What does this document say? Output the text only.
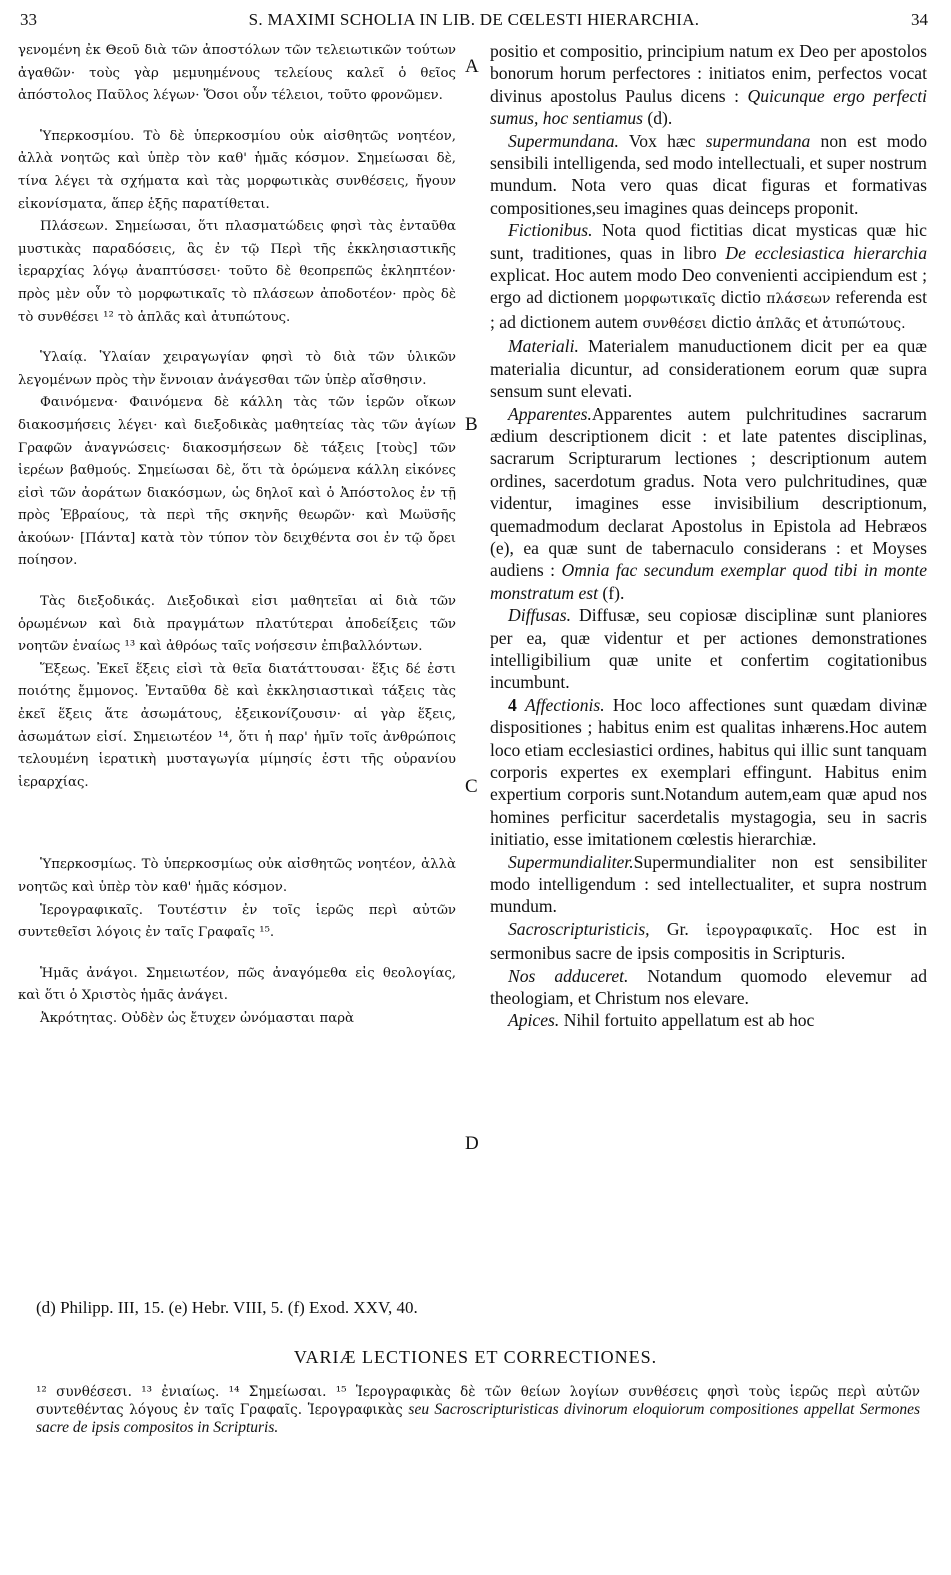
33	S. MAXIMI SCHOLIA IN LIB. DE CŒLESTI HIERARCHIA.	34
A
B
C
D

γενομένη ἐκ Θεοῦ διὰ τῶν ἀποστόλων τῶν τελειωτικῶν τούτων ἀγαθῶν· τοὺς γὰρ μεμυημένους τελείους καλεῖ ὁ θεῖος ἀπόστολος Παῦλος λέγων· Ὅσοι οὖν τέλειοι, τοῦτο φρονῶμεν.

Ὑπερκοσμίου. Τὸ δὲ ὑπερκοσμίου οὐκ αἰσθητῶς νοητέον, ἀλλὰ νοητῶς καὶ ὑπὲρ τὸν καθ' ἡμᾶς κόσμον. Σημείωσαι δὲ, τίνα λέγει τὰ σχήματα καὶ τὰς μορφωτικὰς συνθέσεις, ἤγουν εἰκονίσματα, ἅπερ ἑξῆς παρατίθεται.

Πλάσεων. Σημείωσαι, ὅτι πλασματώδεις φησὶ τὰς ἐνταῦθα μυστικὰς παραδόσεις, ἃς ἐν τῷ Περὶ τῆς ἐκκλησιαστικῆς ἱεραρχίας λόγῳ ἀναπτύσσει· τοῦτο δὲ θεοπρεπῶς ἐκληπτέον· πρὸς μὲν οὖν τὸ μορφωτικαῖς τὸ πλάσεων ἀποδοτέον· πρὸς δὲ τὸ συνθέσει ¹² τὸ ἁπλᾶς καὶ ἀτυπώτους.

Ὑλαίᾳ. Ὑλαίαν χειραγωγίαν φησὶ τὸ διὰ τῶν ὑλικῶν λεγομένων πρὸς τὴν ἔννοιαν ἀνάγεσθαι τῶν ὑπὲρ αἴσθησιν.

Φαινόμενα· Φαινόμενα δὲ κάλλη τὰς τῶν ἱερῶν οἴκων διακοσμήσεις λέγει· καὶ διεξοδικὰς μαθητείας τὰς τῶν ἁγίων Γραφῶν ἀναγνώσεις· διακοσμήσεων δὲ τάξεις [τοὺς] τῶν ἱερέων βαθμούς. Σημείωσαι δὲ, ὅτι τὰ ὁρώμενα κάλλη εἰκόνες εἰσὶ τῶν ἀοράτων διακόσμων, ὡς δηλοῖ καὶ ὁ Ἀπόστολος ἐν τῇ πρὸς Ἑβραίους, τὰ περὶ τῆς σκηνῆς θεωρῶν· καὶ Μωϋσῆς ἀκούων· [Πάντα] κατὰ τὸν τύπον τὸν δειχθέντα σοι ἐν τῷ ὄρει ποίησον.

Τὰς διεξοδικάς. Διεξοδικαὶ εἰσι μαθητεῖαι αἱ διὰ τῶν ὁρωμένων καὶ διὰ πραγμάτων πλατύτεραι ἀποδείξεις τῶν νοητῶν ἑναίως ¹³ καὶ ἀθρόως ταῖς νοήσεσιν ἐπιβαλλόντων.

Ἕξεως. Ἐκεῖ ἕξεις εἰσὶ τὰ θεῖα διατάττουσαι· ἕξις δέ ἐστι ποιότης ἔμμονος. Ἐνταῦθα δὲ καὶ ἐκκλησιαστικαὶ τάξεις τὰς ἐκεῖ ἕξεις ἅτε ἀσωμάτους, ἐξεικονίζουσιν· αἱ γὰρ ἕξεις, ἀσωμάτων εἰσί. Σημειωτέον ¹⁴, ὅτι ἡ παρ' ἡμῖν τοῖς ἀνθρώποις τελουμένη ἱερατικὴ μυσταγωγία μίμησίς ἐστι τῆς οὐρανίου ἱεραρχίας.

Ὑπερκοσμίως. Τὸ ὑπερκοσμίως οὐκ αἰσθητῶς νοητέον, ἀλλὰ νοητῶς καὶ ὑπὲρ τὸν καθ' ἡμᾶς κόσμον.

Ἱερογραφικαῖς. Τουτέστιν ἐν τοῖς ἱερῶς περὶ αὐτῶν συντεθεῖσι λόγοις ἐν ταῖς Γραφαῖς ¹⁵.

Ἡμᾶς ἀνάγοι. Σημειωτέον, πῶς ἀναγόμεθα εἰς θεολογίας, καὶ ὅτι ὁ Χριστὸς ἡμᾶς ἀνάγει.

Ἀκρότητας. Οὐδὲν ὡς ἔτυχεν ὠνόμασται παρὰ

positio et compositio, principium natum ex Deo per apostolos bonorum horum perfectores : initiatos enim, perfectos vocat divinus apostolus Paulus dicens : Quicunque ergo perfecti sumus, hoc sentiamus (d).

Supermundana. Vox hæc supermundana non est modo sensibili intelligenda, sed modo intellectuali, et super nostrum mundum. Nota vero quas dicat figuras et formativas compositiones,seu imagines quas deinceps proponit.

Fictionibus. Nota quod fictitias dicat mysticas quæ hic sunt, traditiones, quas in libro De ecclesiastica hierarchia explicat. Hoc autem modo Deo convenienti accipiendum est ; ergo ad dictionem μορφωτικαῖς dictio πλάσεων referenda est ; ad dictionem autem συνθέσει dictio ἁπλᾶς et ἀτυπώτους.

Materiali. Materialem manuductionem dicit per ea quæ materialia dicuntur, ad considerationem eorum quæ supra sensum sunt elevati.

Apparentes.Apparentes autem pulchritudines sacrarum ædium descriptionem dicit : et late patentes disciplinas, sacrarum Scripturarum lectiones ; descriptionum autem ordines, sacerdotum gradus. Nota vero pulchritudines, quæ videntur, imagines esse invisibilium descriptionum, quemadmodum declarat Apostolus in Epistola ad Hebræos (e), ea quæ sunt de tabernaculo considerans : et Moyses audiens : Omnia fac secundum exemplar quod tibi in monte monstratum est (f).

Diffusas. Diffusæ, seu copiosæ disciplinæ sunt planiores per ea, quæ videntur et per actiones demonstrationes intelligibilium quæ unite et confertim cogitationibus incumbunt.

4 Affectionis. Hoc loco affectiones sunt quædam divinæ dispositiones ; habitus enim est qualitas inhærens.Hoc autem loco etiam ecclesiastici ordines, habitus qui illic sunt tanquam corporis expertes ex exemplari effingunt. Habitus enim expertium corporis sunt.Notandum autem,eam quæ apud nos homines perficitur sacerdetalis mystagogia, seu in sacris initiatio, esse imitationem cœlestis hierarchiæ.

Supermundialiter.Supermundialiter non est sensibiliter modo intelligendum : sed intellectualiter, et supra nostrum mundum.

Sacroscripturisticis, Gr. ἱερογραφικαῖς. Hoc est in sermonibus sacre de ipsis compositis in Scripturis.

Nos adduceret. Notandum quomodo elevemur ad theologiam, et Christum nos elevare.

Apices. Nihil fortuito appellatum est ab hoc

(d) Philipp. III, 15. (e) Hebr. VIII, 5. (f) Exod. XXV, 40.
VARIÆ LECTIONES ET CORRECTIONES.
¹² συνθέσεσι. ¹³ ἐνιαίως. ¹⁴ Σημείωσαι. ¹⁵ Ἱερογραφικὰς δὲ τῶν θείων λογίων συνθέσεις φησὶ τοὺς ἱερῶς περὶ αὐτῶν συντεθέντας λόγους ἐν ταῖς Γραφαῖς. Ἱερογραφικὰς seu Sacroscripturisticas divinorum eloquiorum compositiones appellat Sermones sacre de ipsis compositos in Scripturis.
